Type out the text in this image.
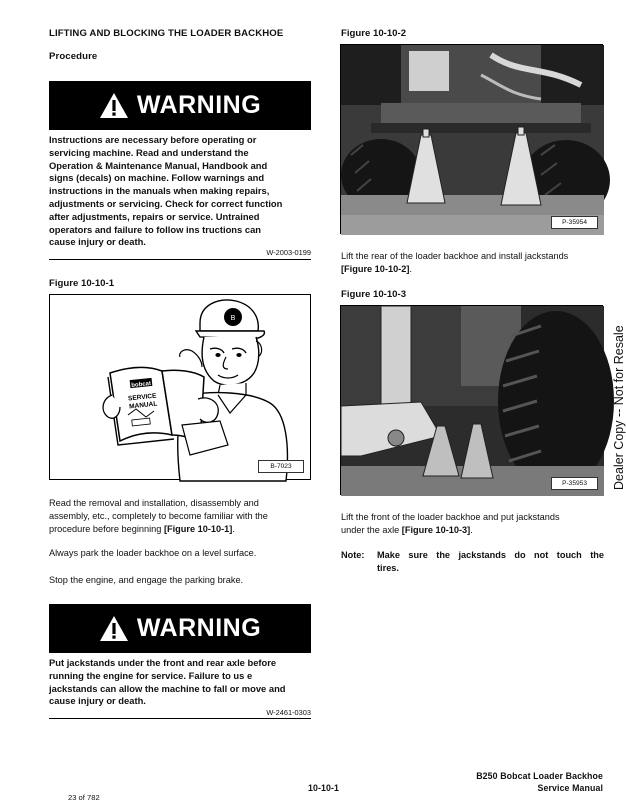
LIFTING AND BLOCKING THE LOADER BACKHOE
Procedure
WARNING
Instructions are necessary before operating or
servicing machine. Read and understand the
Operation & Maintenance Manual, Handbook and
signs (decals) on machine. Follow warnings and
instructions in the manuals when making repairs,
adjustments or servicing. Check for correct function
after adjustments, repairs or service. Untrained
operators and failure to follow ins tructions can
cause injury or death.
W-2003-0199
Figure 10-10-1
B
bobcat
SERVICE
MANUAL
B-7023
Read the removal and installation, disassembly and
assembly, etc., completely to become familiar with the
procedure before beginning [Figure 10-10-1].
Always park the loader backhoe on a level surface.
Stop the engine, and engage the parking brake.
WARNING
Put jackstands under the front and rear axle before
running the engine for service. Failure to us e
jackstands can allow the machine to fall or move and
cause injury or death.
W-2461-0303
Figure 10-10-2
P-35954
Lift the rear of the loader backhoe and install jackstands
[Figure 10-10-2].
Figure 10-10-3
P-35953
Lift the front of the loader backhoe and put jackstands
under the axle [Figure 10-10-3].
Note: Make sure the jackstands do not touch the
tires.
Dealer Copy -- Not for Resale
B250 Bobcat Loader Backhoe
10-10-1	Service Manual
23 of 782
